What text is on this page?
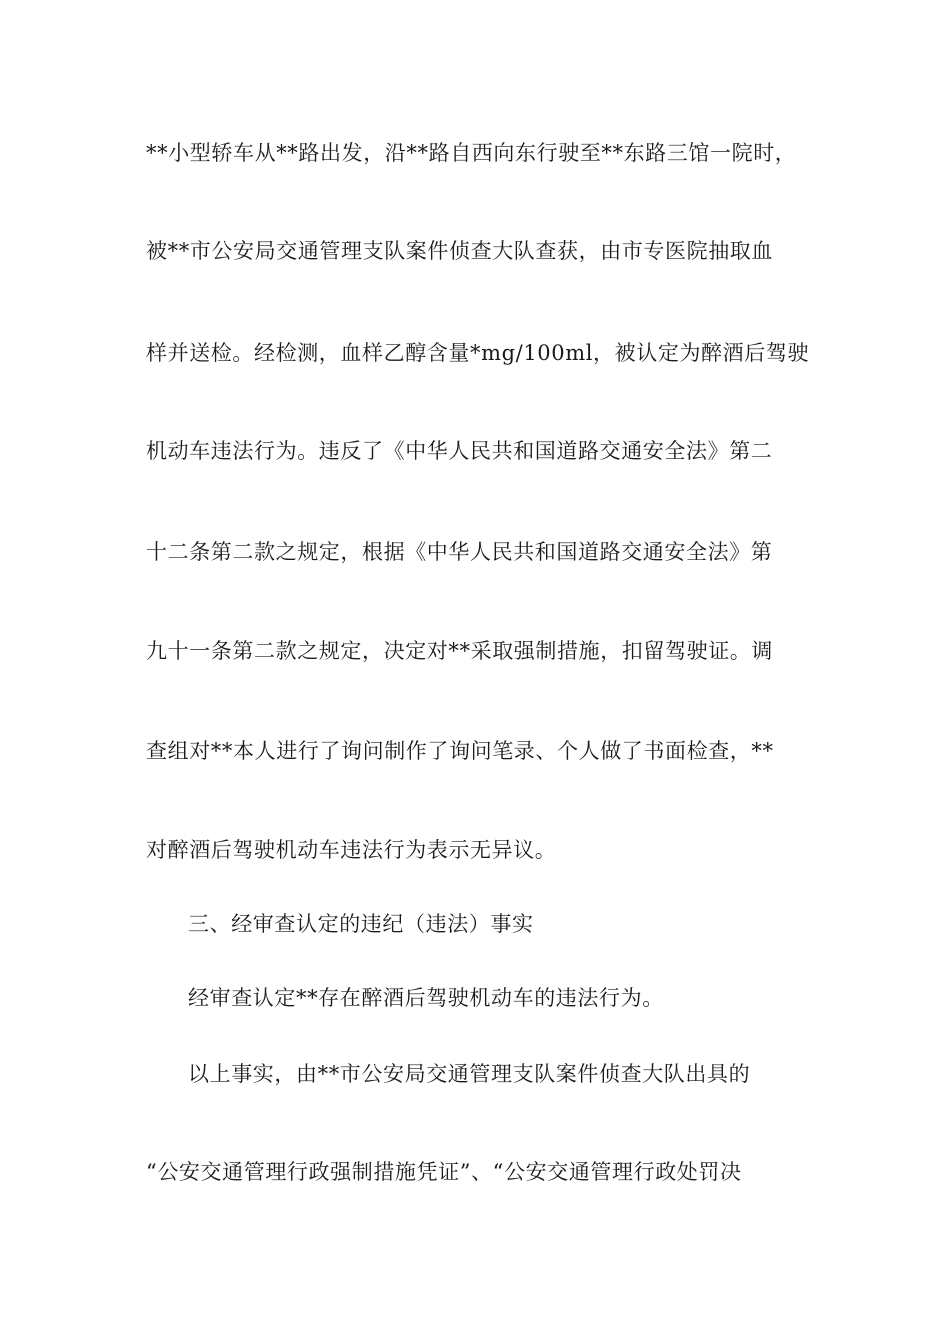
**小型轿车从**路出发，沿**路自西向东行驶至**东路三馆一院时，
被**市公安局交通管理支队案件侦查大队查获，由市专医院抽取血
样并送检。经检测，血样乙醇含量*mg/100ml，被认定为醉酒后驾驶
机动车违法行为。违反了《中华人民共和国道路交通安全法》第二
十二条第二款之规定，根据《中华人民共和国道路交通安全法》第
九十一条第二款之规定，决定对**采取强制措施，扣留驾驶证。调
查组对**本人进行了询问制作了询问笔录、个人做了书面检查，**
对醉酒后驾驶机动车违法行为表示无异议。
三、经审查认定的违纪（违法）事实
经审查认定**存在醉酒后驾驶机动车的违法行为。
以上事实，由**市公安局交通管理支队案件侦查大队出具的
“公安交通管理行政强制措施凭证”、“公安交通管理行政处罚决
